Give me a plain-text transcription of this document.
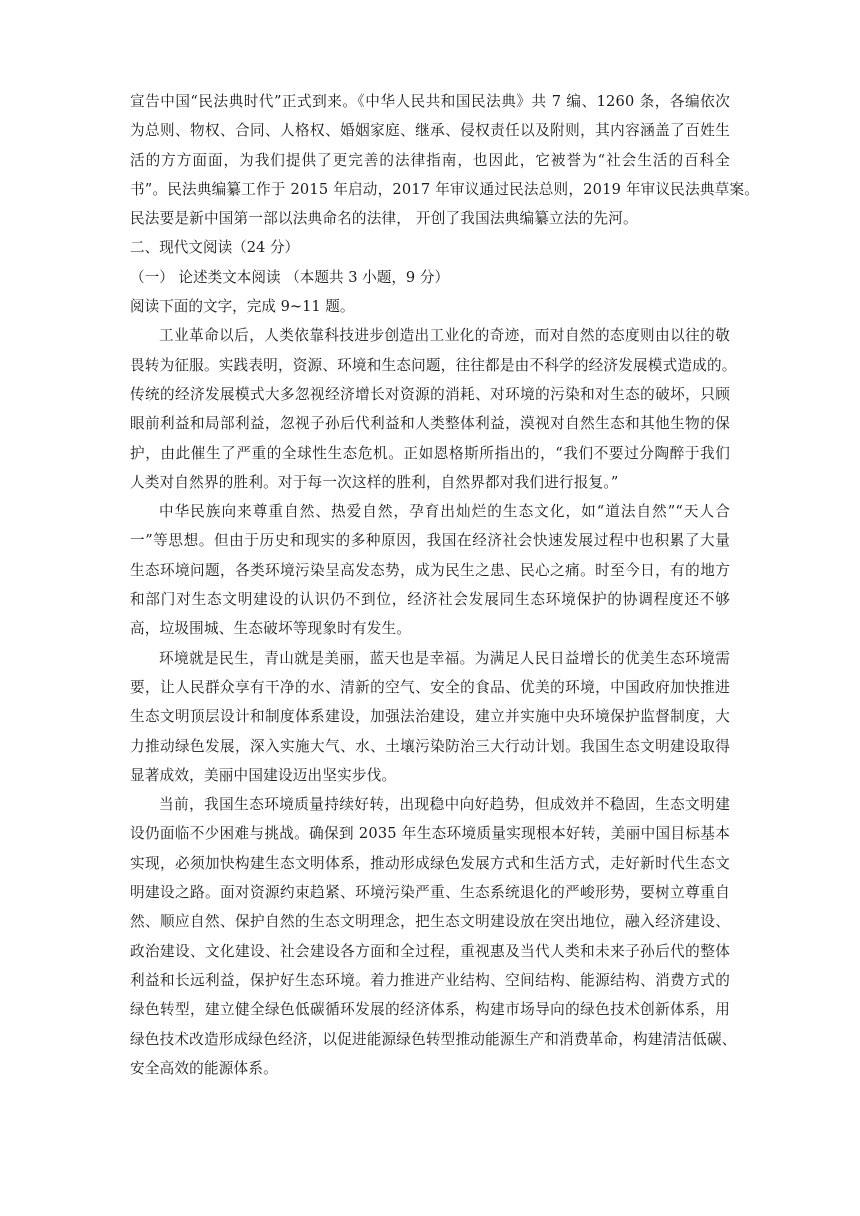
宣告中国“民法典时代”正式到来。《中华人民共和国民法典》共 7 编、1260 条，各编依次
为总则、物权、合同、人格权、婚姻家庭、继承、侵权责任以及附则，其内容涵盖了百姓生
活的方方面面，为我们提供了更完善的法律指南，也因此，它被誉为“社会生活的百科全
书”。民法典编纂工作于 2015 年启动，2017 年审议通过民法总则，2019 年审议民法典草案。
民法要是新中国第一部以法典命名的法律， 开创了我国法典编纂立法的先河。
二、现代文阅读（24 分）
（一） 论述类文本阅读 （本题共 3 小题，9 分）
阅读下面的文字，完成 9~11 题。
工业革命以后，人类依靠科技进步创造出工业化的奇迹，而对自然的态度则由以往的敬
畏转为征服。实践表明，资源、环境和生态问题，往往都是由不科学的经济发展模式造成的。
传统的经济发展模式大多忽视经济增长对资源的消耗、对环境的污染和对生态的破坏，只顾
眼前利益和局部利益，忽视子孙后代利益和人类整体利益，漠视对自然生态和其他生物的保
护，由此催生了严重的全球性生态危机。正如恩格斯所指出的，“我们不要过分陶醉于我们
人类对自然界的胜利。对于每一次这样的胜利，自然界都对我们进行报复。”
中华民族向来尊重自然、热爱自然，孕育出灿烂的生态文化，如“道法自然”“天人合
一”等思想。但由于历史和现实的多种原因，我国在经济社会快速发展过程中也积累了大量
生态环境问题，各类环境污染呈高发态势，成为民生之患、民心之痛。时至今日，有的地方
和部门对生态文明建设的认识仍不到位，经济社会发展同生态环境保护的协调程度还不够
高，垃圾围城、生态破坏等现象时有发生。
环境就是民生，青山就是美丽，蓝天也是幸福。为满足人民日益增长的优美生态环境需
要，让人民群众享有干净的水、清新的空气、安全的食品、优美的环境，中国政府加快推进
生态文明顶层设计和制度体系建设，加强法治建设，建立并实施中央环境保护监督制度，大
力推动绿色发展，深入实施大气、水、土壤污染防治三大行动计划。我国生态文明建设取得
显著成效，美丽中国建设迈出坚实步伐。
当前，我国生态环境质量持续好转，出现稳中向好趋势，但成效并不稳固，生态文明建
设仍面临不少困难与挑战。确保到 2035 年生态环境质量实现根本好转，美丽中国目标基本
实现，必须加快构建生态文明体系，推动形成绿色发展方式和生活方式，走好新时代生态文
明建设之路。面对资源约束趋紧、环境污染严重、生态系统退化的严峻形势，要树立尊重自
然、顺应自然、保护自然的生态文明理念，把生态文明建设放在突出地位，融入经济建设、
政治建设、文化建设、社会建设各方面和全过程，重视惠及当代人类和未来子孙后代的整体
利益和长远利益，保护好生态环境。着力推进产业结构、空间结构、能源结构、消费方式的
绿色转型，建立健全绿色低碳循环发展的经济体系，构建市场导向的绿色技术创新体系，用
绿色技术改造形成绿色经济，以促进能源绿色转型推动能源生产和消费革命，构建清洁低碳、
安全高效的能源体系。
